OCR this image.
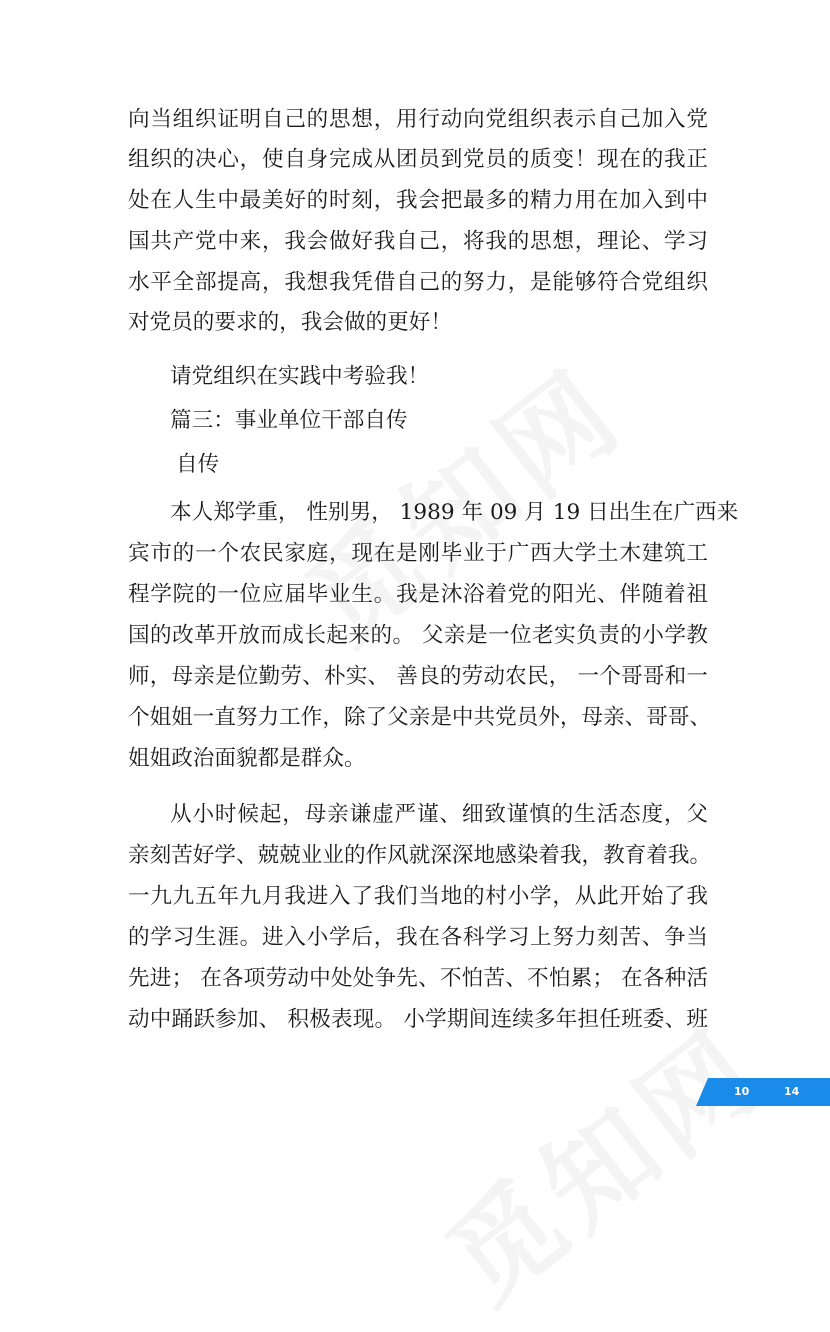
向当组织证明自己的思想，用行动向党组织表示自己加入党
组织的决心，使自身完成从团员到党员的质变！现在的我正
处在人生中最美好的时刻，我会把最多的精力用在加入到中
国共产党中来，我会做好我自己，将我的思想，理论、学习
水平全部提高，我想我凭借自己的努力，是能够符合党组织
对党员的要求的，我会做的更好！
请党组织在实践中考验我！
篇三：事业单位干部自传
自传
本人郑学重， 性别男， 1989 年 09 月 19 日出生在广西来
宾市的一个农民家庭，现在是刚毕业于广西大学土木建筑工
程学院的一位应届毕业生。我是沐浴着党的阳光、伴随着祖
国的改革开放而成长起来的。 父亲是一位老实负责的小学教
师，母亲是位勤劳、朴实、 善良的劳动农民， 一个哥哥和一
个姐姐一直努力工作，除了父亲是中共党员外，母亲、哥哥、
姐姐政治面貌都是群众。
从小时候起，母亲谦虚严谨、细致谨慎的生活态度，父
亲刻苦好学、兢兢业业的作风就深深地感染着我，教育着我。
一九九五年九月我进入了我们当地的村小学，从此开始了我
的学习生涯。进入小学后，我在各科学习上努力刻苦、争当
先进； 在各项劳动中处处争先、不怕苦、不怕累； 在各种活
动中踊跃参加、 积极表现。 小学期间连续多年担任班委、班
10	14
